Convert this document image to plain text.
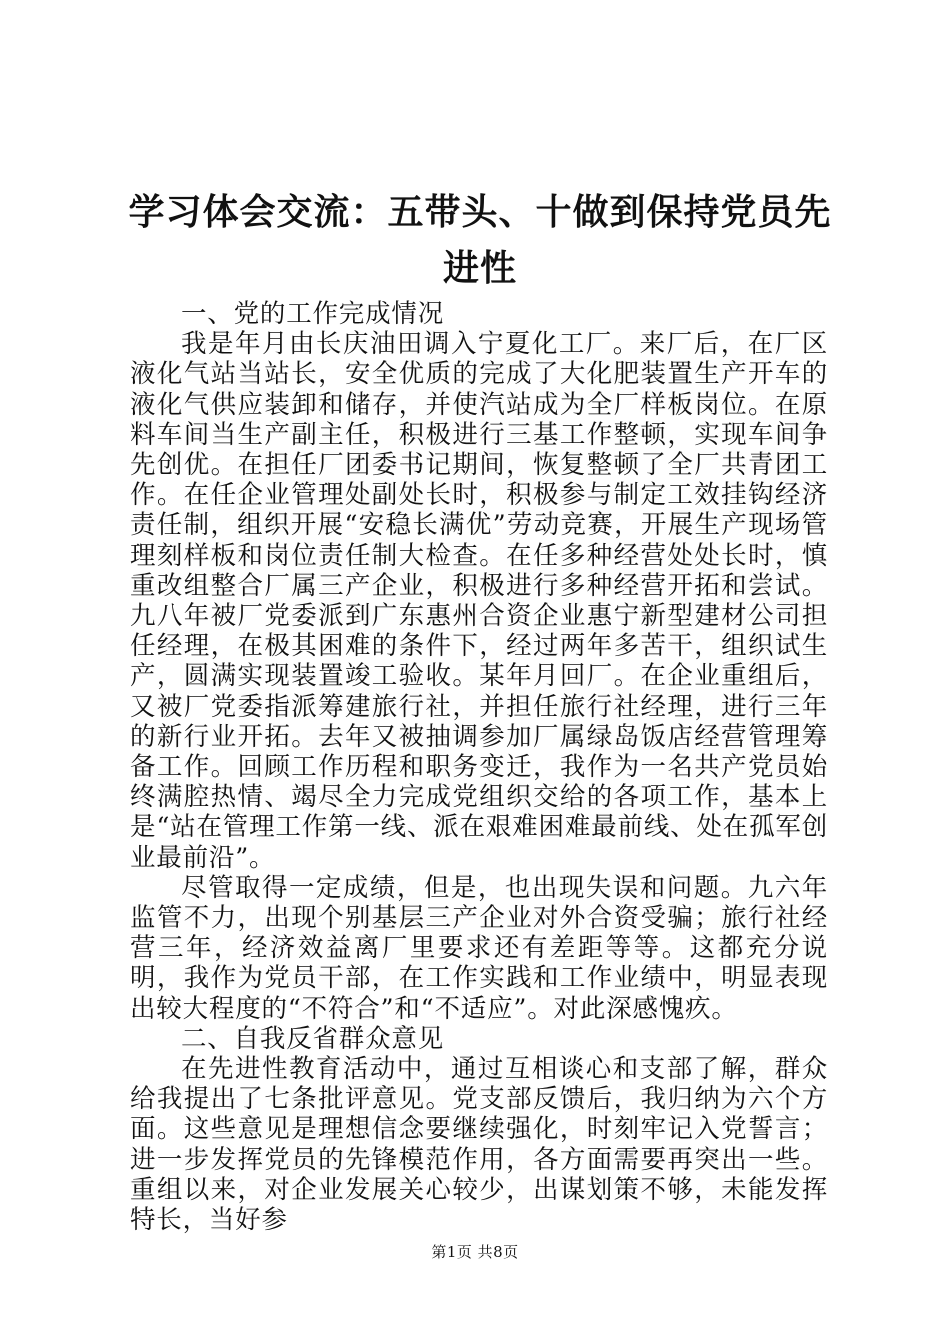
学习体会交流：五带头、十做到保持党员先进性

一、党的工作完成情况

我是年月由长庆油田调入宁夏化工厂。来厂后，在厂区液化气站当站长，安全优质的完成了大化肥装置生产开车的液化气供应装卸和储存，并使汽站成为全厂样板岗位。在原料车间当生产副主任，积极进行三基工作整顿，实现车间争先创优。在担任厂团委书记期间，恢复整顿了全厂共青团工作。在任企业管理处副处长时，积极参与制定工效挂钩经济责任制，组织开展“安稳长满优”劳动竞赛，开展生产现场管理刻样板和岗位责任制大检查。在任多种经营处处长时，慎重改组整合厂属三产企业，积极进行多种经营开拓和尝试。九八年被厂党委派到广东惠州合资企业惠宁新型建材公司担任经理，在极其困难的条件下，经过两年多苦干，组织试生产，圆满实现装置竣工验收。某年月回厂。在企业重组后，又被厂党委指派筹建旅行社，并担任旅行社经理，进行三年的新行业开拓。去年又被抽调参加厂属绿岛饭店经营管理筹备工作。回顾工作历程和职务变迁，我作为一名共产党员始终满腔热情、竭尽全力完成党组织交给的各项工作，基本上是“站在管理工作第一线、派在艰难困难最前线、处在孤军创业最前沿”。

尽管取得一定成绩，但是，也出现失误和问题。九六年监管不力，出现个别基层三产企业对外合资受骗；旅行社经营三年，经济效益离厂里要求还有差距等等。这都充分说明，我作为党员干部，在工作实践和工作业绩中，明显表现出较大程度的“不符合”和“不适应”。对此深感愧疚。

二、自我反省群众意见

在先进性教育活动中，通过互相谈心和支部了解，群众给我提出了七条批评意见。党支部反馈后，我归纳为六个方面。这些意见是理想信念要继续强化，时刻牢记入党誓言；进一步发挥党员的先锋模范作用，各方面需要再突出一些。重组以来，对企业发展关心较少，出谋划策不够，未能发挥特长，当好参

第1页 共8页
